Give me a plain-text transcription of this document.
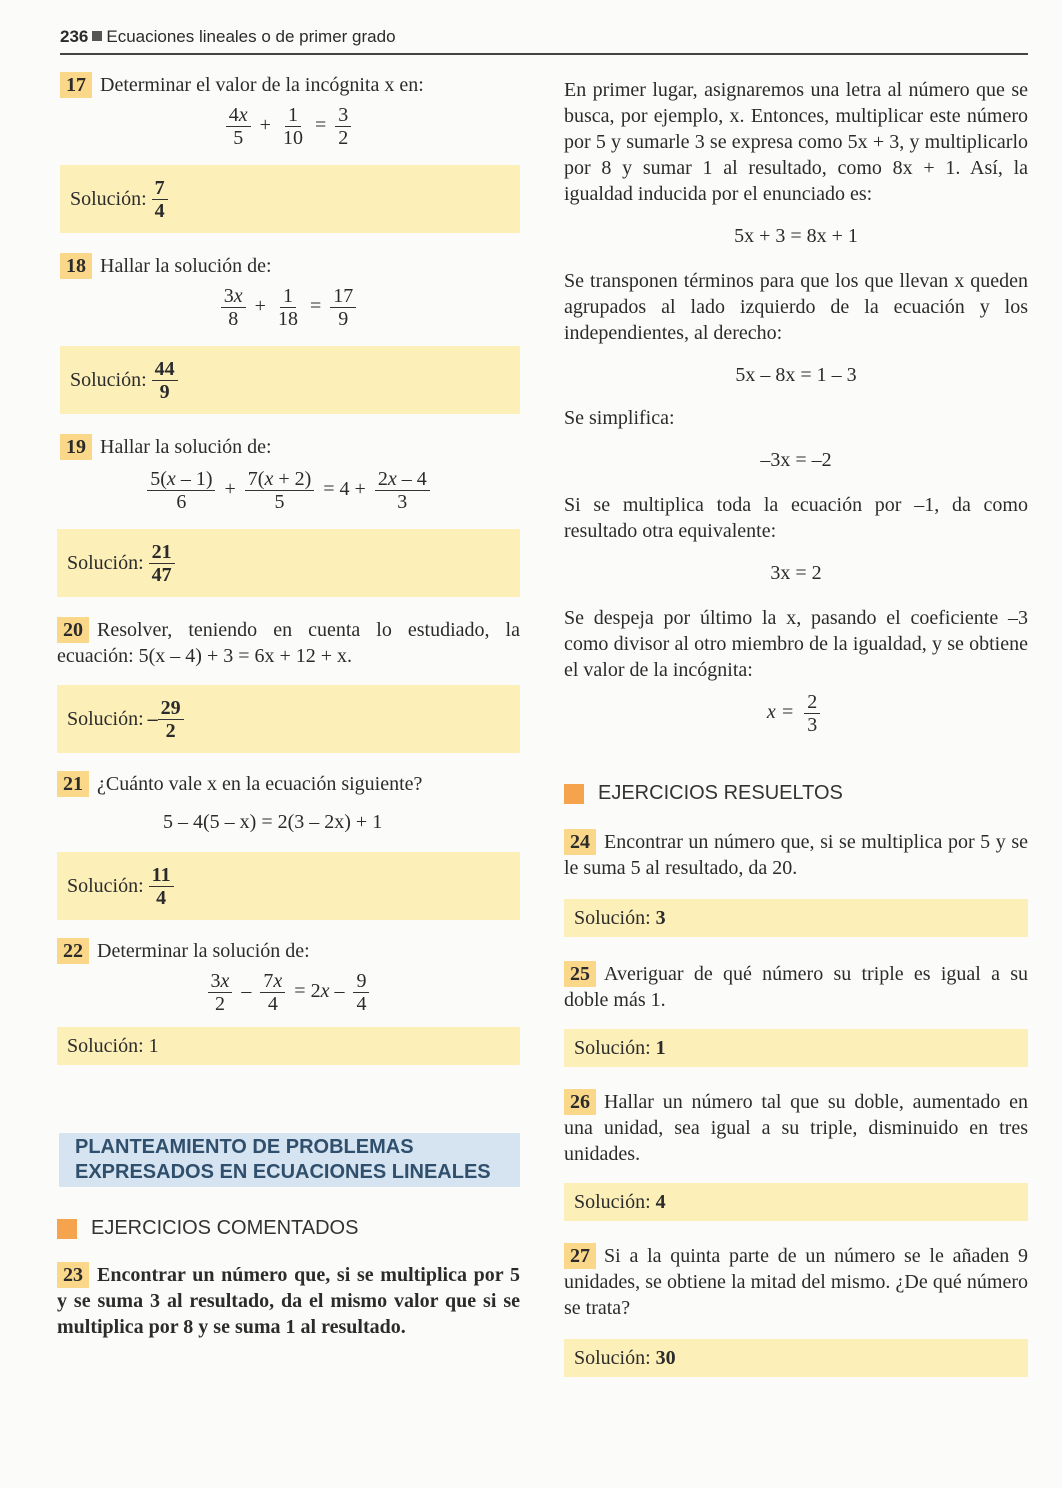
236 Ecuaciones lineales o de primer grado

17 Determinar el valor de la incógnita x en:

$\frac{4x}{5} + \frac{1}{10} = \frac{3}{2}$
Solución: $\frac{7}{4}$

18 Hallar la solución de:

$\frac{3x}{8} + \frac{1}{18} = \frac{17}{9}$
Solución: $\frac{44}{9}$

19 Hallar la solución de:

$\frac{5(x - 1)}{6} + \frac{7(x + 2)}{5} = 4 + \frac{2x - 4}{3}$
Solución: $\frac{21}{47}$

20 Resolver, teniendo en cuenta lo estudiado, la ecuación: 5(x – 4) + 3 = 6x + 12 + x.

Solución: – $\frac{29}{2}$

21 ¿Cuánto vale x en la ecuación siguiente?

5 – 4(5 – x) = 2(3 – 2x) + 1
Solución: $\frac{11}{4}$

22 Determinar la solución de:

$\frac{3x}{2} - \frac{7x}{4} = 2x - \frac{9}{4}$
Solución: 1
PLANTEAMIENTO DE PROBLEMAS
EXPRESADOS EN ECUACIONES LINEALES
EJERCICIOS COMENTADOS

23 Encontrar un número que, si se multiplica por 5 y se suma 3 al resultado, da el mismo valor que si se multiplica por 8 y se suma 1 al resultado.

En primer lugar, asignaremos una letra al número que se busca, por ejemplo, x. Entonces, multiplicar este número por 5 y sumarle 3 se expresa como 5x + 3, y multiplicarlo por 8 y sumar 1 al resultado, como 8x + 1. Así, la igualdad inducida por el enunciado es:

5x + 3 = 8x + 1

Se transponen términos para que los que llevan x queden agrupados al lado izquierdo de la ecuación y los independientes, al derecho:

5x – 8x = 1 – 3

Se simplifica:

–3x = –2

Si se multiplica toda la ecuación por –1, da como resultado otra equivalente:

3x = 2

Se despeja por último la x, pasando el coeficiente –3 como divisor al otro miembro de la igualdad, y se obtiene el valor de la incógnita:

$x = \frac{2}{3}$
EJERCICIOS RESUELTOS

24 Encontrar un número que, si se multiplica por 5 y se le suma 5 al resultado, da 20.

Solución:
3

25 Averiguar de qué número su triple es igual a su doble más 1.

Solución:
1

26 Hallar un número tal que su doble, aumentado en una unidad, sea igual a su triple, disminuido en tres unidades.

Solución:
4

27 Si a la quinta parte de un número se le añaden 9 unidades, se obtiene la mitad del mismo. ¿De qué número se trata?

Solución:
30
